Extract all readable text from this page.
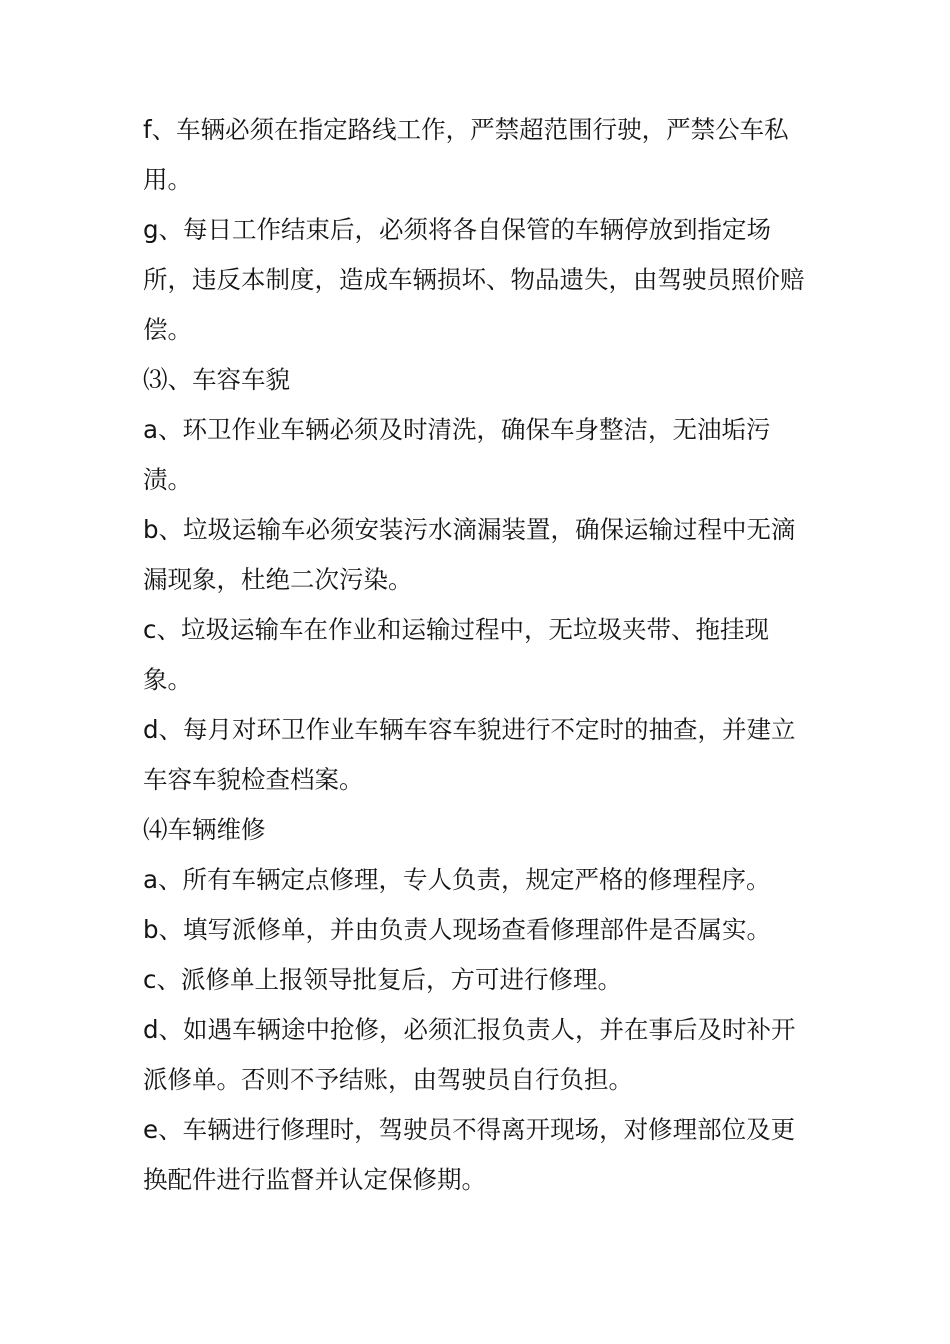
f、车辆必须在指定路线工作，严禁超范围行驶，严禁公车私用。

g、每日工作结束后，必须将各自保管的车辆停放到指定场所，违反本制度，造成车辆损坏、物品遗失，由驾驶员照价赔偿。

⑶、车容车貌

a、环卫作业车辆必须及时清洗，确保车身整洁，无油垢污渍。

b、垃圾运输车必须安装污水滴漏装置，确保运输过程中无滴漏现象，杜绝二次污染。

c、垃圾运输车在作业和运输过程中，无垃圾夹带、拖挂现象。

d、每月对环卫作业车辆车容车貌进行不定时的抽查，并建立车容车貌检查档案。

⑷车辆维修

a、所有车辆定点修理，专人负责，规定严格的修理程序。

b、填写派修单，并由负责人现场查看修理部件是否属实。

c、派修单上报领导批复后，方可进行修理。

d、如遇车辆途中抢修，必须汇报负责人，并在事后及时补开派修单。否则不予结账，由驾驶员自行负担。

e、车辆进行修理时，驾驶员不得离开现场，对修理部位及更换配件进行监督并认定保修期。
